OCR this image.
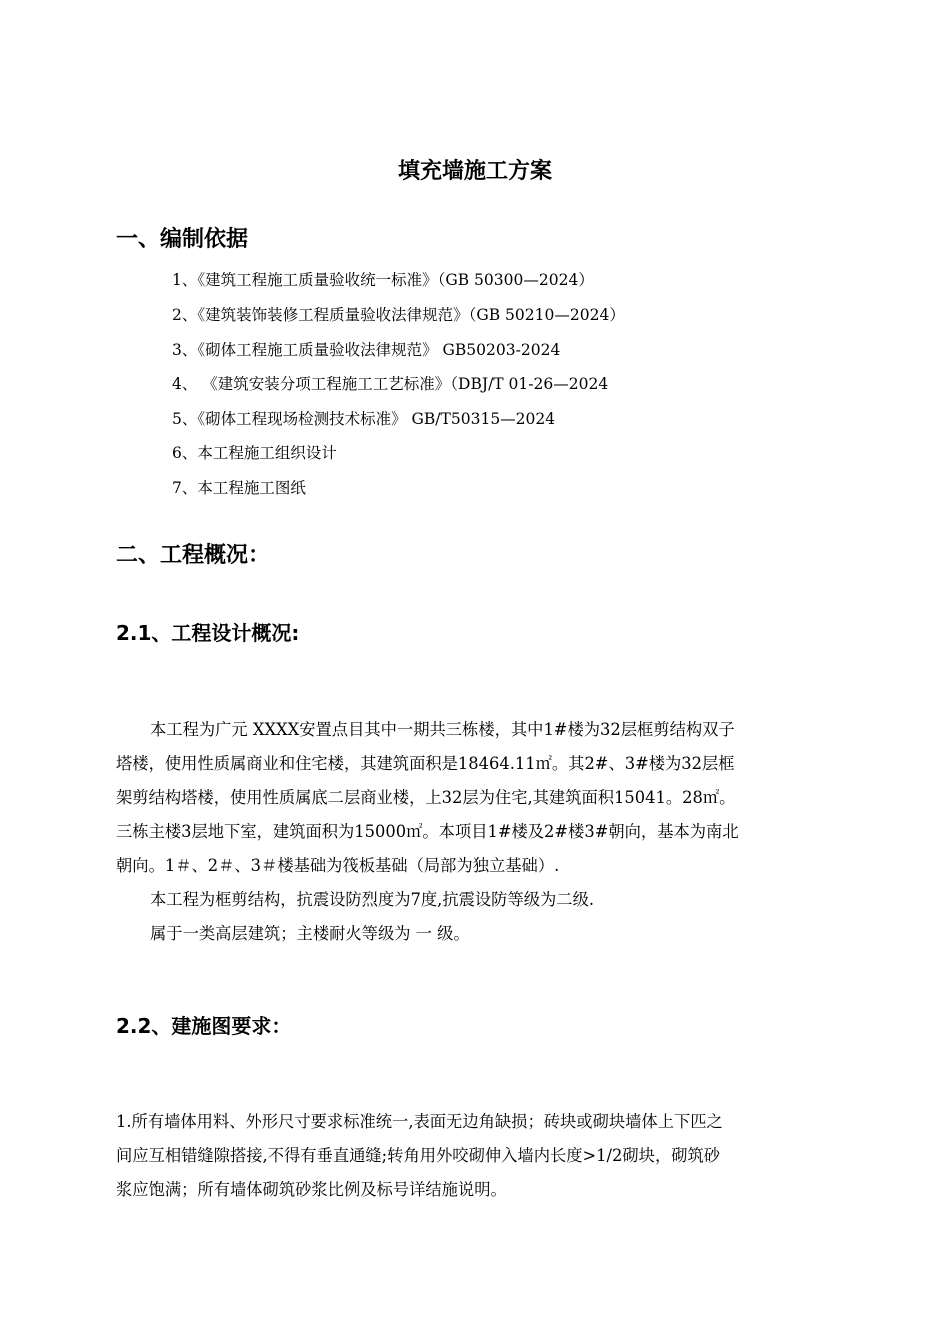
填充墙施工方案
一、编制依据
1、《建筑工程施工质量验收统一标准》（GB 50300—2024）
2、《建筑装饰装修工程质量验收法律规范》（GB 50210—2024）
3、《砌体工程施工质量验收法律规范》 GB50203-2024
4、 《建筑安装分项工程施工工艺标准》（DBJ/T 01-26—2024
5、《砌体工程现场检测技术标准》 GB/T50315—2024
6、本工程施工组织设计
7、本工程施工图纸
二、工程概况：
2.1、工程设计概况:
本工程为广元 XXXX安置点目其中一期共三栋楼，其中1#楼为32层框剪结构双子
塔楼，使用性质属商业和住宅楼，其建筑面积是18464.11㎡。其2#、3#楼为32层框
架剪结构塔楼，使用性质属底二层商业楼，上32层为住宅,其建筑面积15041。28㎡。
三栋主楼3层地下室，建筑面积为15000㎡。本项目1#楼及2#楼3#朝向，基本为南北
朝向。1＃、2＃、3＃楼基础为筏板基础（局部为独立基础）.
本工程为框剪结构，抗震设防烈度为7度,抗震设防等级为二级.
属于一类高层建筑；主楼耐火等级为 一 级。
2.2、建施图要求：
1.所有墙体用料、外形尺寸要求标准统一,表面无边角缺损；砖块或砌块墙体上下匹之
间应互相错缝隙搭接,不得有垂直通缝;转角用外咬砌伸入墙内长度>1/2砌块，砌筑砂
浆应饱满；所有墙体砌筑砂浆比例及标号详结施说明。
